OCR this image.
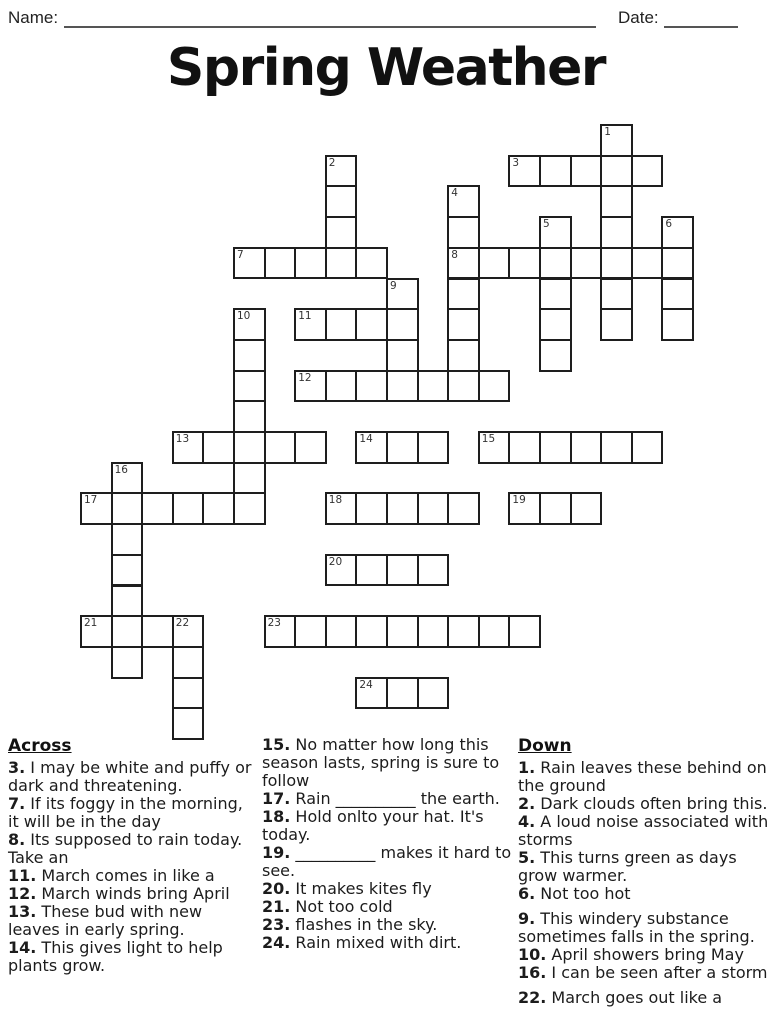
Name:	Date:
Spring Weather
1
2	3
4
8
5	6
7
9
10	11
12
13	14	15
16
17	18	19
20
21	22	23
24
Across
3. I may be white and puffy or dark and threatening.
7. If its foggy in the morning, it will be in the day
8. Its supposed to rain today. Take an
11. March comes in like a
12. March winds bring April
13. These bud with new leaves in early spring.
14. This gives light to help plants grow.
15. No matter how long this season lasts, spring is sure to follow
17. Rain __________ the earth.
18. Hold onlto your hat. It's today.
19. __________ makes it hard to see.
20. It makes kites fly
21. Not too cold
23. flashes in the sky.
24. Rain mixed with dirt.
Down
1. Rain leaves these behind on the ground
2. Dark clouds often bring this.
4. A loud noise associated with storms
5. This turns green as days grow warmer.
6. Not too hot
9. This windery substance sometimes falls in the spring.
10. April showers bring May
16. I can be seen after a storm
22. March goes out like a
